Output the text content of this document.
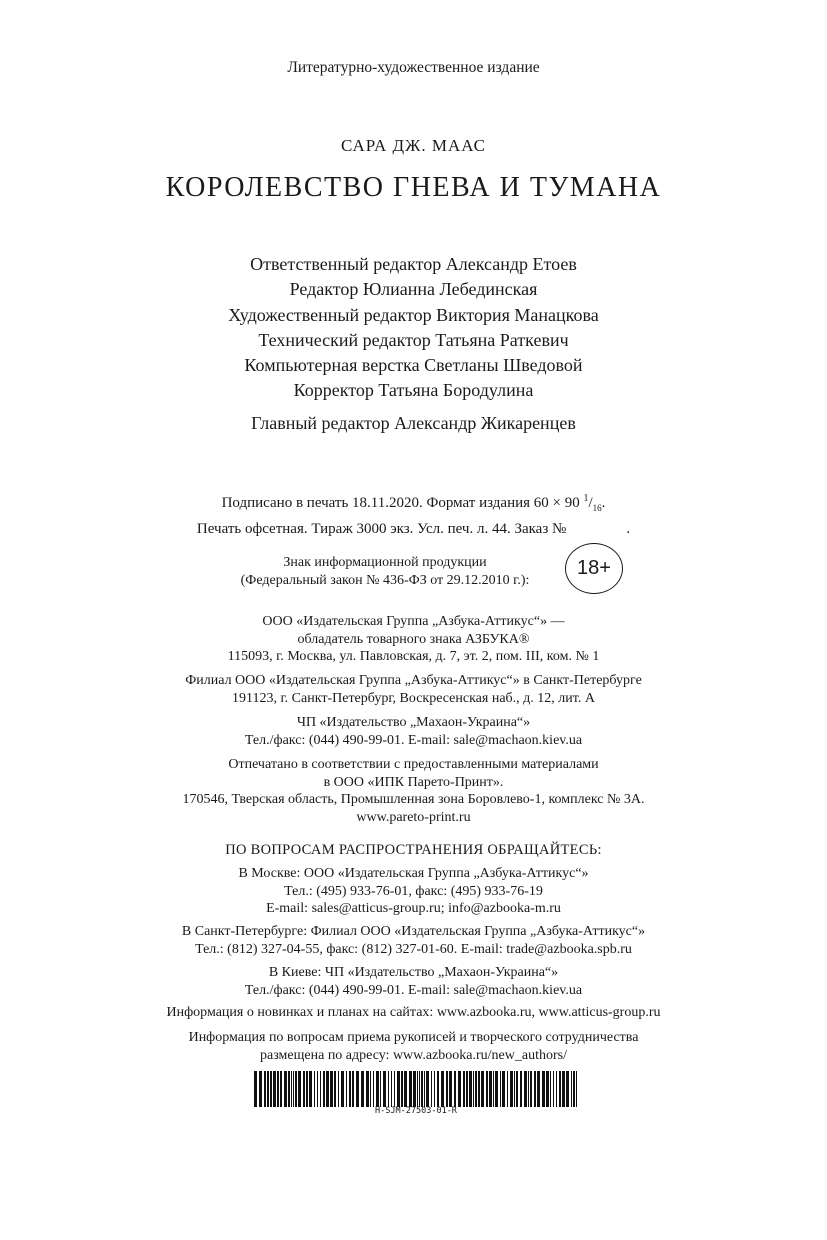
Литературно-художественное издание
САРА ДЖ. МААС
КОРОЛЕВСТВО ГНЕВА И ТУМАНА
Ответственный редактор Александр Етоев
Редактор Юлианна Лебединская
Художественный редактор Виктория Манацкова
Технический редактор Татьяна Раткевич
Компьютерная верстка Светланы Шведовой
Корректор Татьяна Бородулина
Главный редактор Александр Жикаренцев
Подписано в печать 18.11.2020. Формат издания 60 × 90 $^1/_{16}$.
Печать офсетная. Тираж 3000 экз. Усл. печ. л. 44. Заказ №                .
Знак информационной продукции
(Федеральный закон № 436-ФЗ от 29.12.2010 г.):
18+
ООО «Издательская Группа „Азбука-Аттикус“» —
обладатель товарного знака АЗБУКА®
115093, г. Москва, ул. Павловская, д. 7, эт. 2, пом. III, ком. № 1
Филиал ООО «Издательская Группа „Азбука-Аттикус“» в Санкт-Петербурге
191123, г. Санкт-Петербург, Воскресенская наб., д. 12, лит. А
ЧП «Издательство „Махаон-Украина“»
Тел./факс: (044) 490-99-01. E-mail: sale@machaon.kiev.ua
Отпечатано в соответствии с предоставленными материалами
в ООО «ИПК Парето-Принт».
170546, Тверская область, Промышленная зона Боровлево-1, комплекс № 3А.
www.pareto-print.ru
ПО ВОПРОСАМ РАСПРОСТРАНЕНИЯ ОБРАЩАЙТЕСЬ:
В Москве: ООО «Издательская Группа „Азбука-Аттикус“»
Тел.: (495) 933-76-01, факс: (495) 933-76-19
E-mail: sales@atticus-group.ru; info@azbooka-m.ru
В Санкт-Петербурге: Филиал ООО «Издательская Группа „Азбука-Аттикус“»
Тел.: (812) 327-04-55, факс: (812) 327-01-60. E-mail: trade@azbooka.spb.ru
В Киеве: ЧП «Издательство „Махаон-Украина“»
Тел./факс: (044) 490-99-01. E-mail: sale@machaon.kiev.ua
Информация о новинках и планах на сайтах: www.azbooka.ru, www.atticus-group.ru
Информация по вопросам приема рукописей и творческого сотрудничества
размещена по адресу: www.azbooka.ru/new_authors/
H-SJM-27503-01-R
